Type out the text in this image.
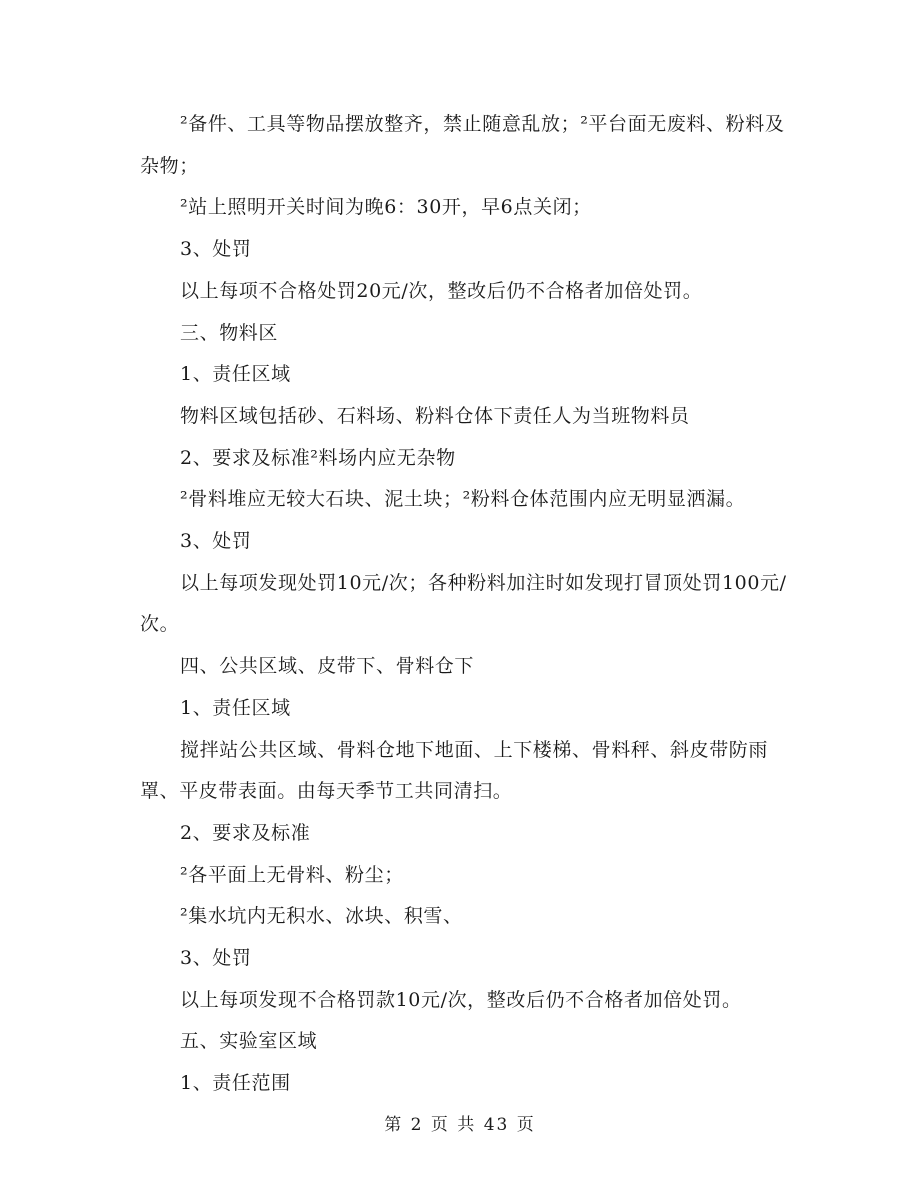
²备件、工具等物品摆放整齐，禁止随意乱放；²平台面无废料、粉料及杂物；

²站上照明开关时间为晚6：30开，早6点关闭；

3、处罚

以上每项不合格处罚20元/次，整改后仍不合格者加倍处罚。

三、物料区

1、责任区域

物料区域包括砂、石料场、粉料仓体下责任人为当班物料员

2、要求及标准²料场内应无杂物

²骨料堆应无较大石块、泥土块；²粉料仓体范围内应无明显洒漏。

3、处罚

以上每项发现处罚10元/次；各种粉料加注时如发现打冒顶处罚100元/次。

四、公共区域、皮带下、骨料仓下

1、责任区域

搅拌站公共区域、骨料仓地下地面、上下楼梯、骨料秤、斜皮带防雨罩、平皮带表面。由每天季节工共同清扫。

2、要求及标准

²各平面上无骨料、粉尘；

²集水坑内无积水、冰块、积雪、

3、处罚

以上每项发现不合格罚款10元/次，整改后仍不合格者加倍处罚。

五、实验室区域

1、责任范围

第 2 页 共 43 页
